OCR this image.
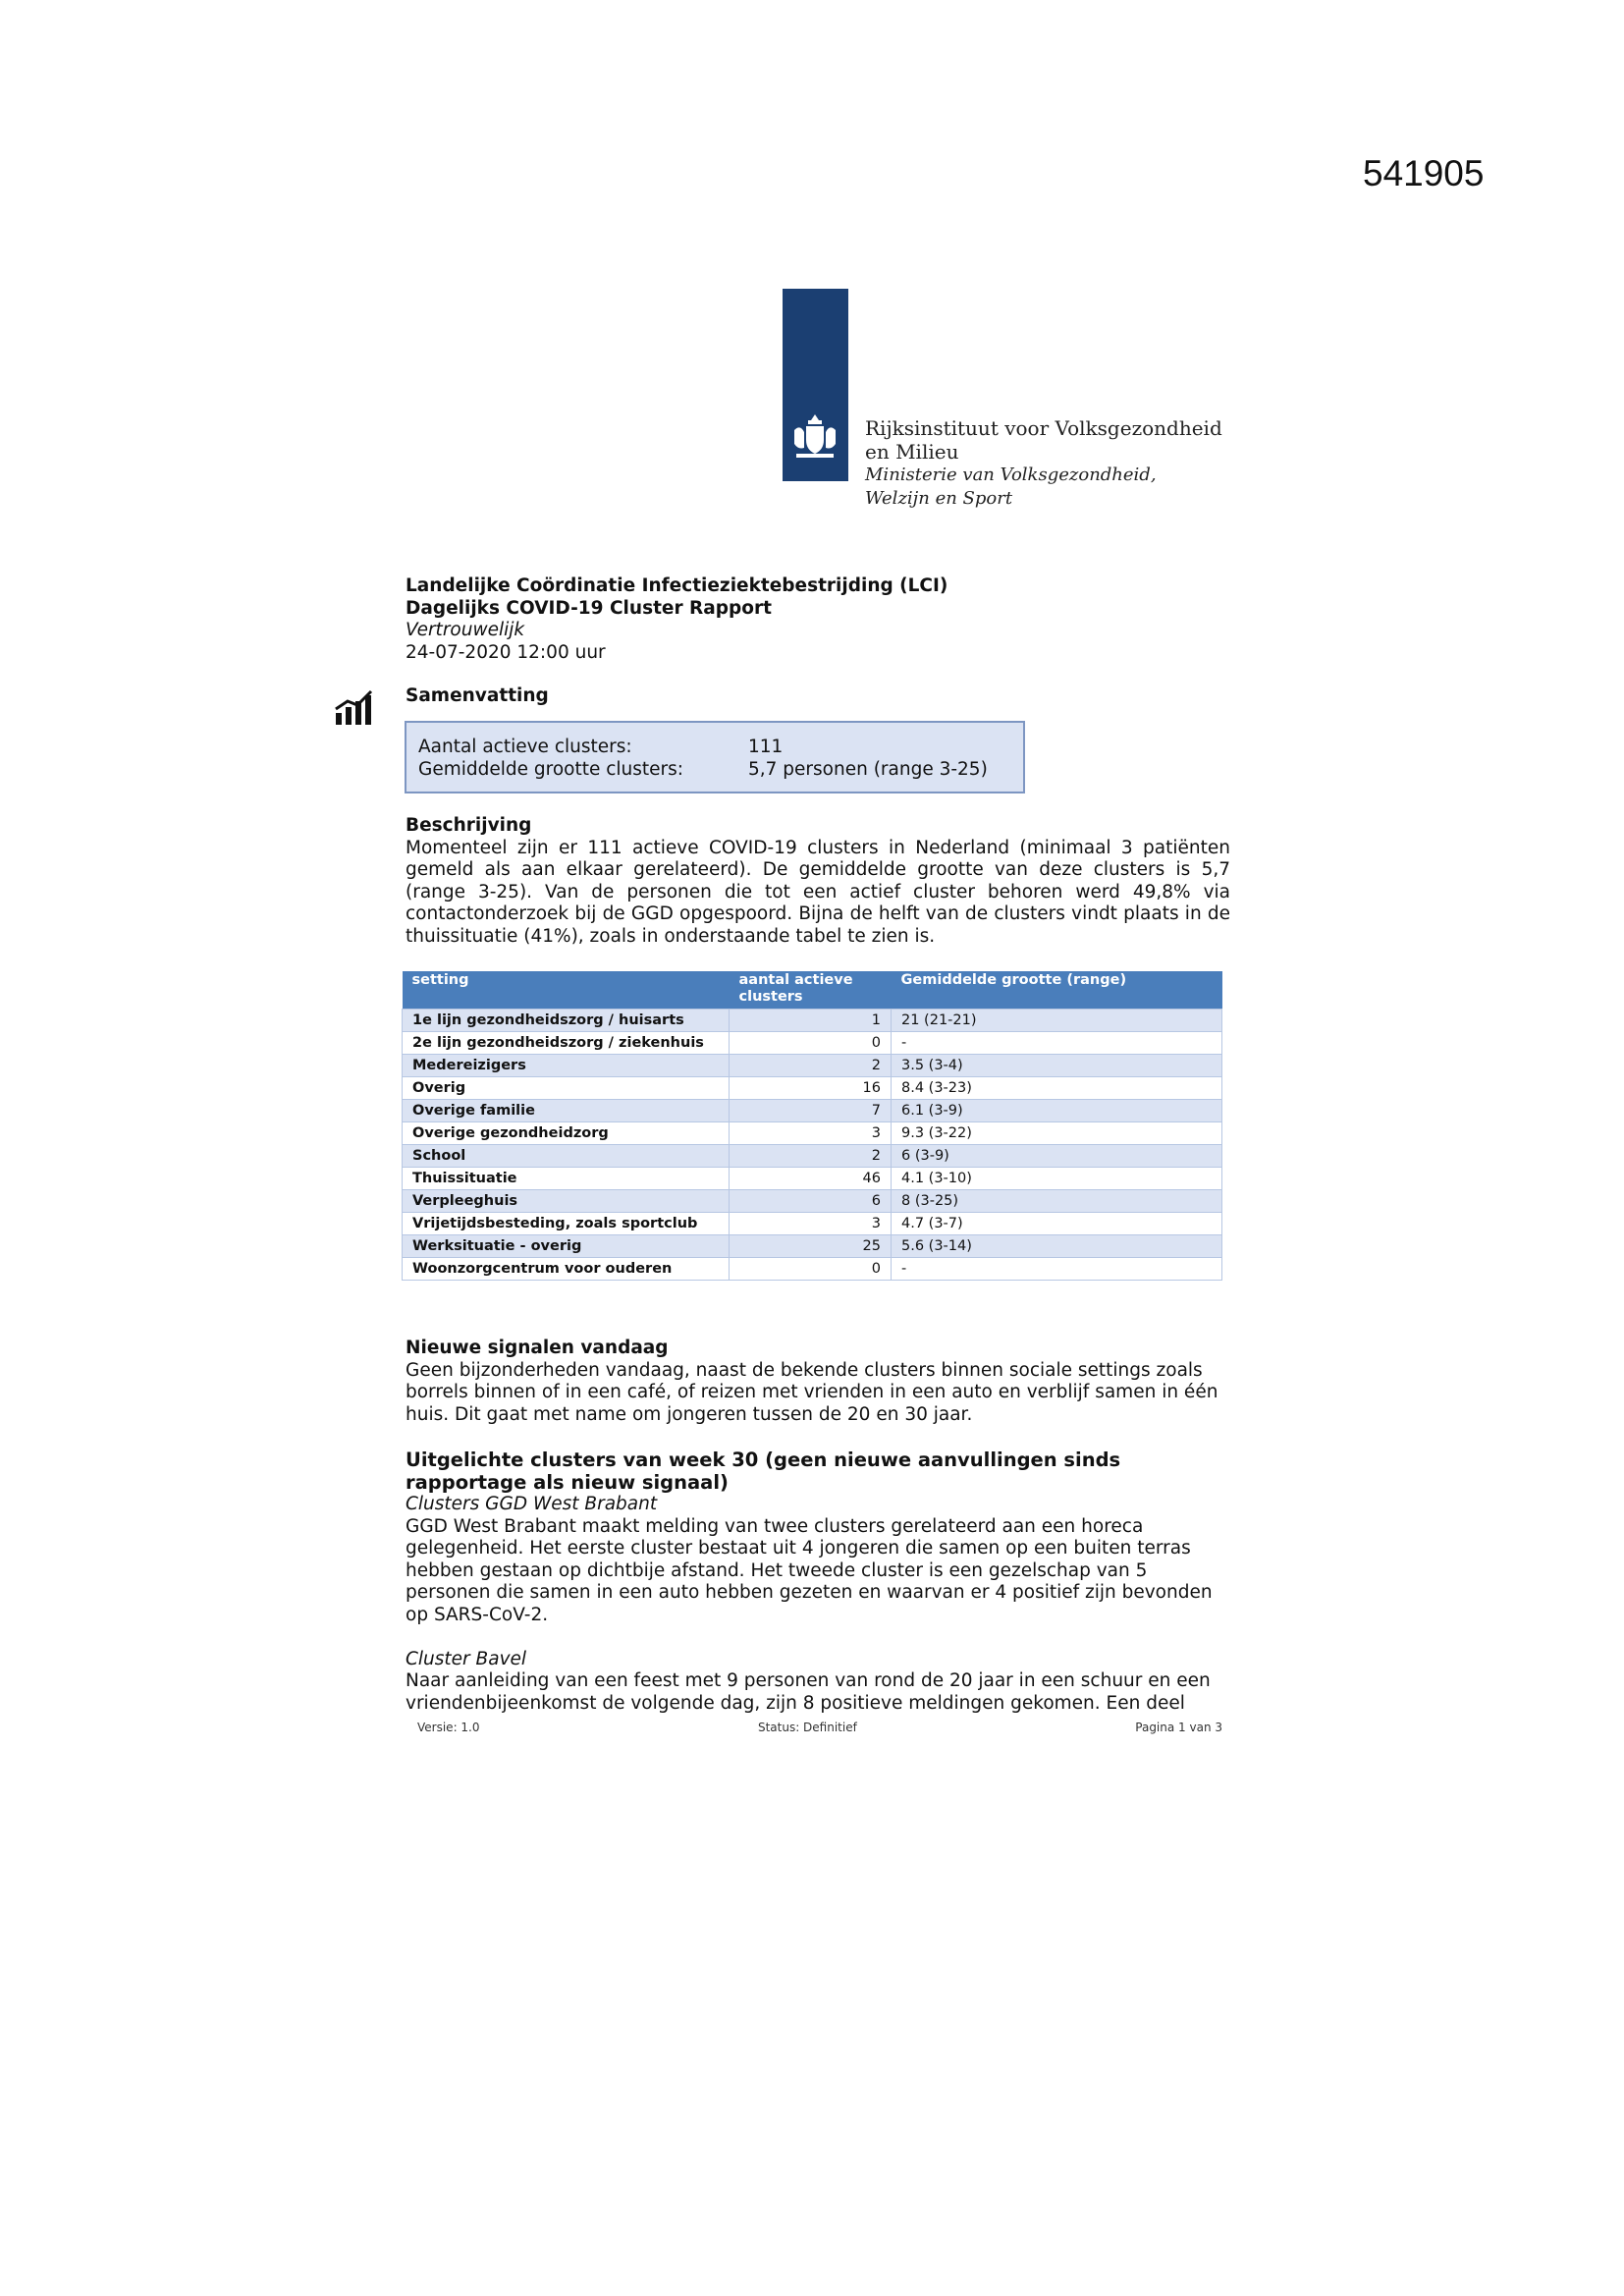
541905
Rijksinstituut voor Volksgezondheid
en Milieu
Ministerie van Volksgezondheid,
Welzijn en Sport
Landelijke Coördinatie Infectieziektebestrijding (LCI)
Dagelijks COVID-19 Cluster Rapport
Vertrouwelijk
24-07-2020 12:00 uur
Samenvatting
Aantal actieve clusters:	111
Gemiddelde grootte clusters:	5,7 personen (range 3-25)
Beschrijving
Momenteel zijn er 111 actieve COVID-19 clusters in Nederland (minimaal 3 patiënten gemeld als aan elkaar gerelateerd). De gemiddelde grootte van deze clusters is 5,7 (range 3-25). Van de personen die tot een actief cluster behoren werd 49,8% via contactonderzoek bij de GGD opgespoord. Bijna de helft van de clusters vindt plaats in de thuissituatie (41%), zoals in onderstaande tabel te zien is.
setting	aantal actieve clusters	Gemiddelde grootte (range)
1e lijn gezondheidszorg / huisarts	1	21 (21-21)
2e lijn gezondheidszorg / ziekenhuis	0	-
Medereizigers	2	3.5 (3-4)
Overig	16	8.4 (3-23)
Overige familie	7	6.1 (3-9)
Overige gezondheidzorg	3	9.3 (3-22)
School	2	6 (3-9)
Thuissituatie	46	4.1 (3-10)
Verpleeghuis	6	8 (3-25)
Vrijetijdsbesteding, zoals sportclub	3	4.7 (3-7)
Werksituatie - overig	25	5.6 (3-14)
Woonzorgcentrum voor ouderen	0	-
Nieuwe signalen vandaag
Geen bijzonderheden vandaag, naast de bekende clusters binnen sociale settings zoals borrels binnen of in een café, of reizen met vrienden in een auto en verblijf samen in één huis. Dit gaat met name om jongeren tussen de 20 en 30 jaar.
Uitgelichte clusters van week 30 (geen nieuwe aanvullingen sinds rapportage als nieuw signaal)
Clusters GGD West Brabant
GGD West Brabant maakt melding van twee clusters gerelateerd aan een horeca gelegenheid. Het eerste cluster bestaat uit 4 jongeren die samen op een buiten terras hebben gestaan op dichtbije afstand. Het tweede cluster is een gezelschap van 5 personen die samen in een auto hebben gezeten en waarvan er 4 positief zijn bevonden op SARS-CoV-2.
Cluster Bavel
Naar aanleiding van een feest met 9 personen van rond de 20 jaar in een schuur en een vriendenbijeenkomst de volgende dag, zijn 8 positieve meldingen gekomen. Een deel
Versie: 1.0	Status: Definitief	Pagina 1 van 3
